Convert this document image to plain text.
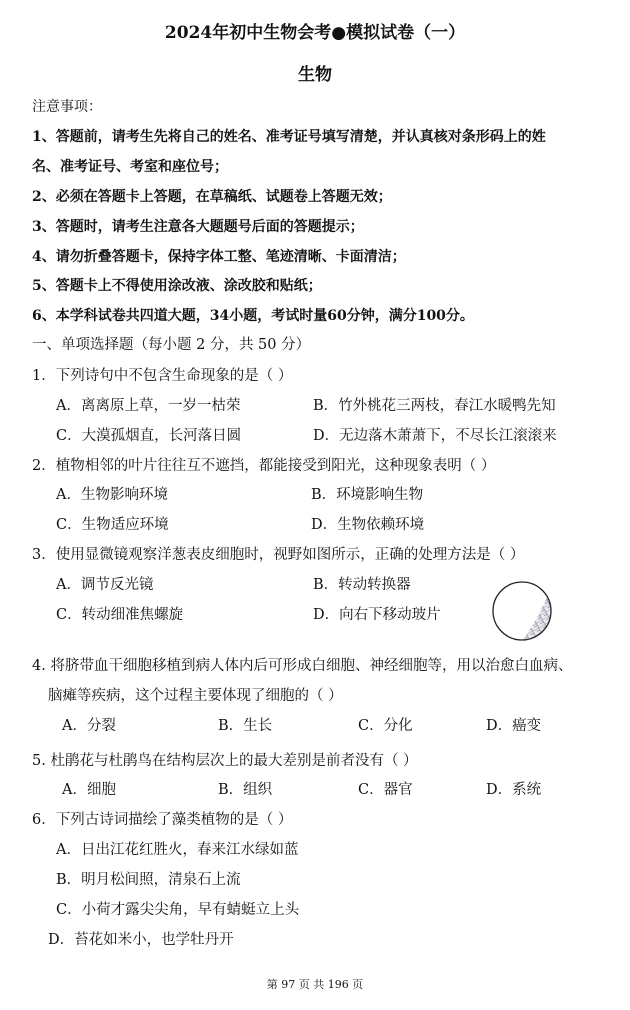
2024年初中生物会考●模拟试卷（一）
生物
注意事项：
1、答题前，请考生先将自己的姓名、准考证号填写清楚，并认真核对条形码上的姓
名、准考证号、考室和座位号；
2、必须在答题卡上答题，在草稿纸、试题卷上答题无效；
3、答题时，请考生注意各大题题号后面的答题提示；
4、请勿折叠答题卡，保持字体工整、笔迹清晰、卡面清洁；
5、答题卡上不得使用涂改液、涂改胶和贴纸；
6、本学科试卷共四道大题，34小题，考试时量60分钟，满分100分。
一、单项选择题（每小题 2 分，共 50 分）
1．下列诗句中不包含生命现象的是（ ）
A．离离原上草，一岁一枯荣	B．竹外桃花三两枝，春江水暖鸭先知
C．大漠孤烟直，长河落日圆	D．无边落木萧萧下，不尽长江滚滚来
2．植物相邻的叶片往往互不遮挡，都能接受到阳光，这种现象表明（ ）
A．生物影响环境	B．环境影响生物
C．生物适应环境	D．生物依赖环境
3．使用显微镜观察洋葱表皮细胞时，视野如图所示，正确的处理方法是（ ）
A．调节反光镜	B．转动转换器
C．转动细准焦螺旋	D．向右下移动玻片
4. 将脐带血干细胞移植到病人体内后可形成白细胞、神经细胞等，用以治愈白血病、
脑瘫等疾病，这个过程主要体现了细胞的（ ）
A．分裂	B．生长	C．分化	D．癌变
5. 杜鹃花与杜鹃鸟在结构层次上的最大差别是前者没有（ ）
A．细胞	B．组织	C．器官	D．系统
6．下列古诗词描绘了藻类植物的是（ ）
A．日出江花红胜火，春来江水绿如蓝
B．明月松间照，清泉石上流
C．小荷才露尖尖角，早有蜻蜓立上头
D．苔花如米小，也学牡丹开
第 97 页 共 196 页
